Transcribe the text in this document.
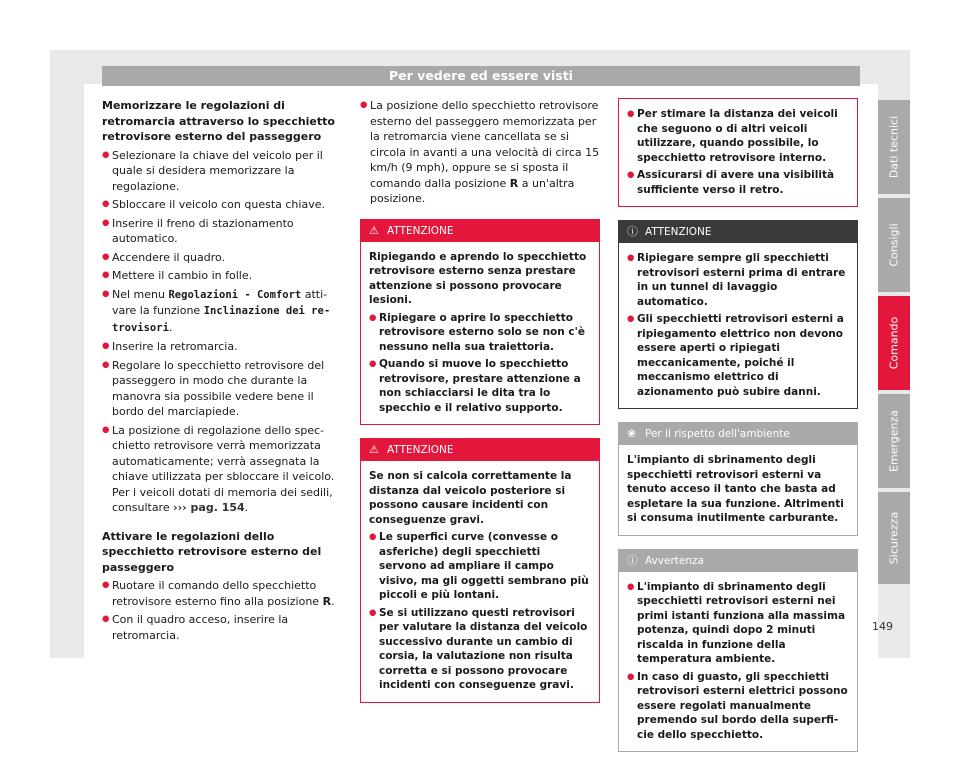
Per vedere ed essere visti
Memorizzare le regolazioni di retromarcia attraverso lo specchietto retrovisore esterno del passeggero
● Selezionare la chiave del veicolo per il quale si desidera memorizzare la regolazione.
● Sbloccare il veicolo con questa chiave.
● Inserire il freno di stazionamento automatico.
● Accendere il quadro.
● Mettere il cambio in folle.
● Nel menu Regolazioni - Comfort attivare la funzione Inclinazione dei retrovisori.
● Inserire la retromarcia.
● Regolare lo specchietto retrovisore del passeggero in modo che durante la manovra sia possibile vedere bene il bordo del marciapiede.
● La posizione di regolazione dello specchietto retrovisore verrà memorizzata automaticamente; verrà assegnata la chiave utilizzata per sbloccare il veicolo. Per i veicoli dotati di memoria dei sedili, consultare ››› pag. 154.
Attivare le regolazioni dello specchietto retrovisore esterno del passeggero
● Ruotare il comando dello specchietto retrovisore esterno fino alla posizione R.
● Con il quadro acceso, inserire la retromarcia.
● La posizione dello specchietto retrovisore esterno del passeggero memorizzata per la retromarcia viene cancellata se si circola in avanti a una velocità di circa 15 km/h (9 mph), oppure se si sposta il comando dalla posizione R a un'altra posizione.
⚠ ATTENZIONE
Ripiegando e aprendo lo specchietto retrovisore esterno senza prestare attenzione si possono provocare lesioni.
● Ripiegare o aprire lo specchietto retrovisore esterno solo se non c'è nessuno nella sua traiettoria.
● Quando si muove lo specchietto retrovisore, prestare attenzione a non schiacciarsi le dita tra lo specchio e il relativo supporto.
⚠ ATTENZIONE
Se non si calcola correttamente la distanza dal veicolo posteriore si possono causare incidenti con conseguenze gravi.
● Le superfici curve (convesse o asferiche) degli specchietti servono ad ampliare il campo visivo, ma gli oggetti sembrano più piccoli e più lontani.
● Se si utilizzano questi retrovisori per valutare la distanza del veicolo successivo durante un cambio di corsia, la valutazione non risulta corretta e si possono provocare incidenti con conseguenze gravi.
● Per stimare la distanza dei veicoli che seguono o di altri veicoli utilizzare, quando possibile, lo specchietto retrovisore interno.
● Assicurarsi di avere una visibilità sufficiente verso il retro.
ⓘ ATTENZIONE
● Ripiegare sempre gli specchietti retrovisori esterni prima di entrare in un tunnel di lavaggio automatico.
● Gli specchietti retrovisori esterni a ripiegamento elettrico non devono essere aperti o ripiegati meccanicamente, poiché il meccanismo elettrico di azionamento può subire danni.
❀ Per il rispetto dell'ambiente
L'impianto di sbrinamento degli specchietti retrovisori esterni va tenuto acceso il tanto che basta ad espletare la sua funzione. Altrimenti si consuma inutilmente carburante.
ⓘ Avvertenza
● L'impianto di sbrinamento degli specchietti retrovisori esterni nei primi istanti funziona alla massima potenza, quindi dopo 2 minuti riscalda in funzione della temperatura ambiente.
● In caso di guasto, gli specchietti retrovisori esterni elettrici possono essere regolati manualmente premendo sul bordo della superficie dello specchietto.
Dati tecnici
Consigli
Comando
Emergenza
Sicurezza
149
